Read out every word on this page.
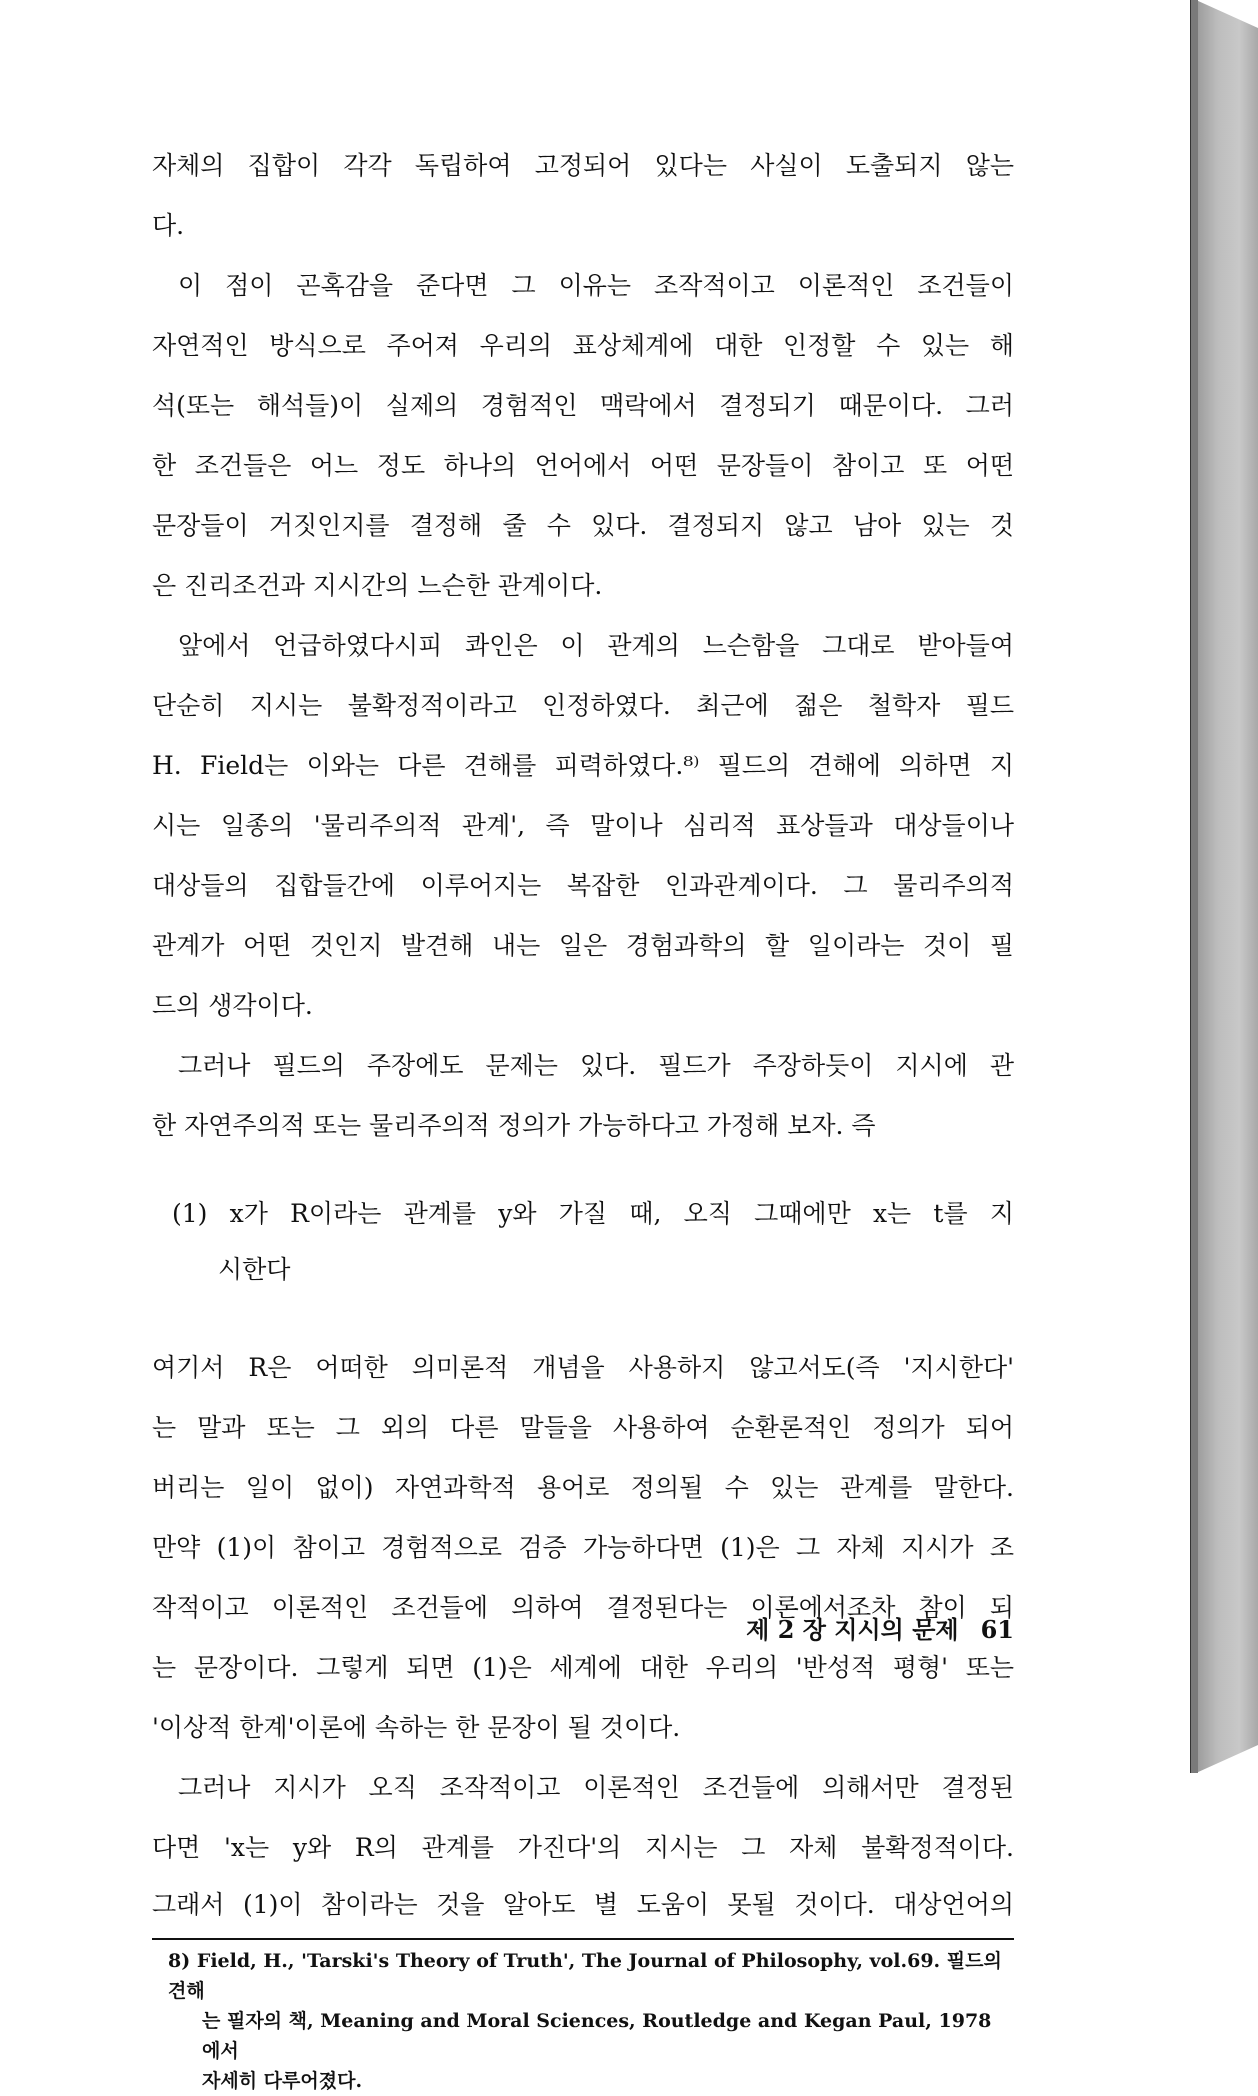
자체의 집합이 각각 독립하여 고정되어 있다는 사실이 도출되지 않는
다.
이 점이 곤혹감을 준다면 그 이유는 조작적이고 이론적인 조건들이
자연적인 방식으로 주어져 우리의 표상체계에 대한 인정할 수 있는 해
석(또는 해석들)이 실제의 경험적인 맥락에서 결정되기 때문이다. 그러
한 조건들은 어느 정도 하나의 언어에서 어떤 문장들이 참이고 또 어떤
문장들이 거짓인지를 결정해 줄 수 있다. 결정되지 않고 남아 있는 것
은 진리조건과 지시간의 느슨한 관계이다.
앞에서 언급하였다시피 콰인은 이 관계의 느슨함을 그대로 받아들여
단순히 지시는 불확정적이라고 인정하였다. 최근에 젊은 철학자 필드
H. Field는 이와는 다른 견해를 피력하였다.⁸⁾ 필드의 견해에 의하면 지
시는 일종의 '물리주의적 관계', 즉 말이나 심리적 표상들과 대상들이나
대상들의 집합들간에 이루어지는 복잡한 인과관계이다. 그 물리주의적
관계가 어떤 것인지 발견해 내는 일은 경험과학의 할 일이라는 것이 필
드의 생각이다.
그러나 필드의 주장에도 문제는 있다. 필드가 주장하듯이 지시에 관
한 자연주의적 또는 물리주의적 정의가 가능하다고 가정해 보자. 즉
(1) x가 R이라는 관계를 y와 가질 때, 오직 그때에만 x는 t를 지
시한다
여기서 R은 어떠한 의미론적 개념을 사용하지 않고서도(즉 '지시한다'
는 말과 또는 그 외의 다른 말들을 사용하여 순환론적인 정의가 되어
버리는 일이 없이) 자연과학적 용어로 정의될 수 있는 관계를 말한다.
만약 (1)이 참이고 경험적으로 검증 가능하다면 (1)은 그 자체 지시가 조
작적이고 이론적인 조건들에 의하여 결정된다는 이론에서조차 참이 되
는 문장이다. 그렇게 되면 (1)은 세계에 대한 우리의 '반성적 평형' 또는
'이상적 한계'이론에 속하는 한 문장이 될 것이다.
그러나 지시가 오직 조작적이고 이론적인 조건들에 의해서만 결정된
다면 'x는 y와 R의 관계를 가진다'의 지시는 그 자체 불확정적이다.
그래서 (1)이 참이라는 것을 알아도 별 도움이 못될 것이다. 대상언어의
8) Field, H., 'Tarski's Theory of Truth', The Journal of Philosophy, vol.69. 필드의 견해
는 필자의 책, Meaning and Moral Sciences, Routledge and Kegan Paul, 1978 에서
자세히 다루어졌다.
제 2 장 지시의 문제 61
